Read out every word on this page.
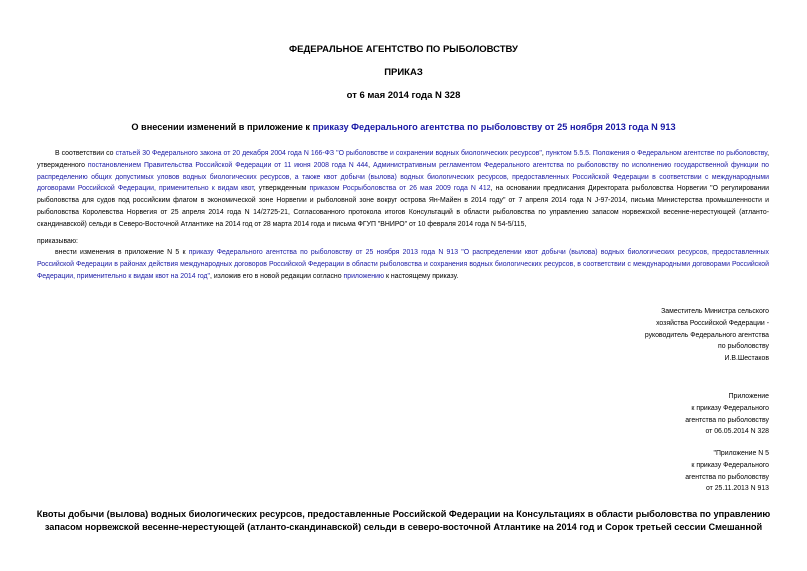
ФЕДЕРАЛЬНОЕ АГЕНТСТВО ПО РЫБОЛОВСТВУ
ПРИКАЗ
от 6 мая 2014 года N 328
О внесении изменений в приложение к приказу Федерального агентства по рыболовству от 25 ноября 2013 года N 913
В соответствии со статьей 30 Федерального закона от 20 декабря 2004 года N 166-ФЗ "О рыболовстве и сохранении водных биологических ресурсов", пунктом 5.5.5. Положения о Федеральном агентстве по рыболовству, утвержденного постановлением Правительства Российской Федерации от 11 июня 2008 года N 444, Административным регламентом Федерального агентства по рыболовству по исполнению государственной функции по распределению общих допустимых уловов водных биологических ресурсов, а также квот добычи (вылова) водных биологических ресурсов, предоставленных Российской Федерации в соответствии с международными договорами Российской Федерации, применительно к видам квот, утвержденным приказом Росрыболовства от 26 мая 2009 года N 412, на основании предписания Директората рыболовства Норвегии "О регулировании рыболовства для судов под российским флагом в экономической зоне Норвегии и рыболовной зоне вокруг острова Ян-Майен в 2014 году" от 7 апреля 2014 года N J-97-2014, письма Министерства промышленности и рыболовства Королевства Норвегия от 25 апреля 2014 года N 14/2725-21, Согласованного протокола итогов Консультаций в области рыболовства по управлению запасом норвежской весенне-нерестующей (атланто-скандинавской) сельди в Северо-Восточной Атлантике на 2014 год от 28 марта 2014 года и письма ФГУП "ВНИРО" от 10 февраля 2014 года N 54-5/115,
приказываю:
внести изменения в приложение N 5 к приказу Федерального агентства по рыболовству от 25 ноября 2013 года N 913 "О распределении квот добычи (вылова) водных биологических ресурсов, предоставленных Российской Федерации в районах действия международных договоров Российской Федерации в области рыболовства и сохранения водных биологических ресурсов, в соответствии с международными договорами Российской Федерации, применительно к видам квот на 2014 год", изложив его в новой редакции согласно приложению к настоящему приказу.
Заместитель Министра сельского
хозяйства Российской Федерации -
руководитель Федерального агентства
по рыболовству
И.В.Шестаков
Приложение
к приказу Федерального
агентства по рыболовству
от 06.05.2014 N 328
"Приложение N 5
к приказу Федерального
агентства по рыболовству
от 25.11.2013 N 913
Квоты добычи (вылова) водных биологических ресурсов, предоставленные Российской Федерации на Консультациях в области рыболовства по управлению запасом норвежской весенне-нерестующей (атланто-скандинавской) сельди в северо-восточной Атлантике на 2014 год и Сорок третьей сессии Смешанной
